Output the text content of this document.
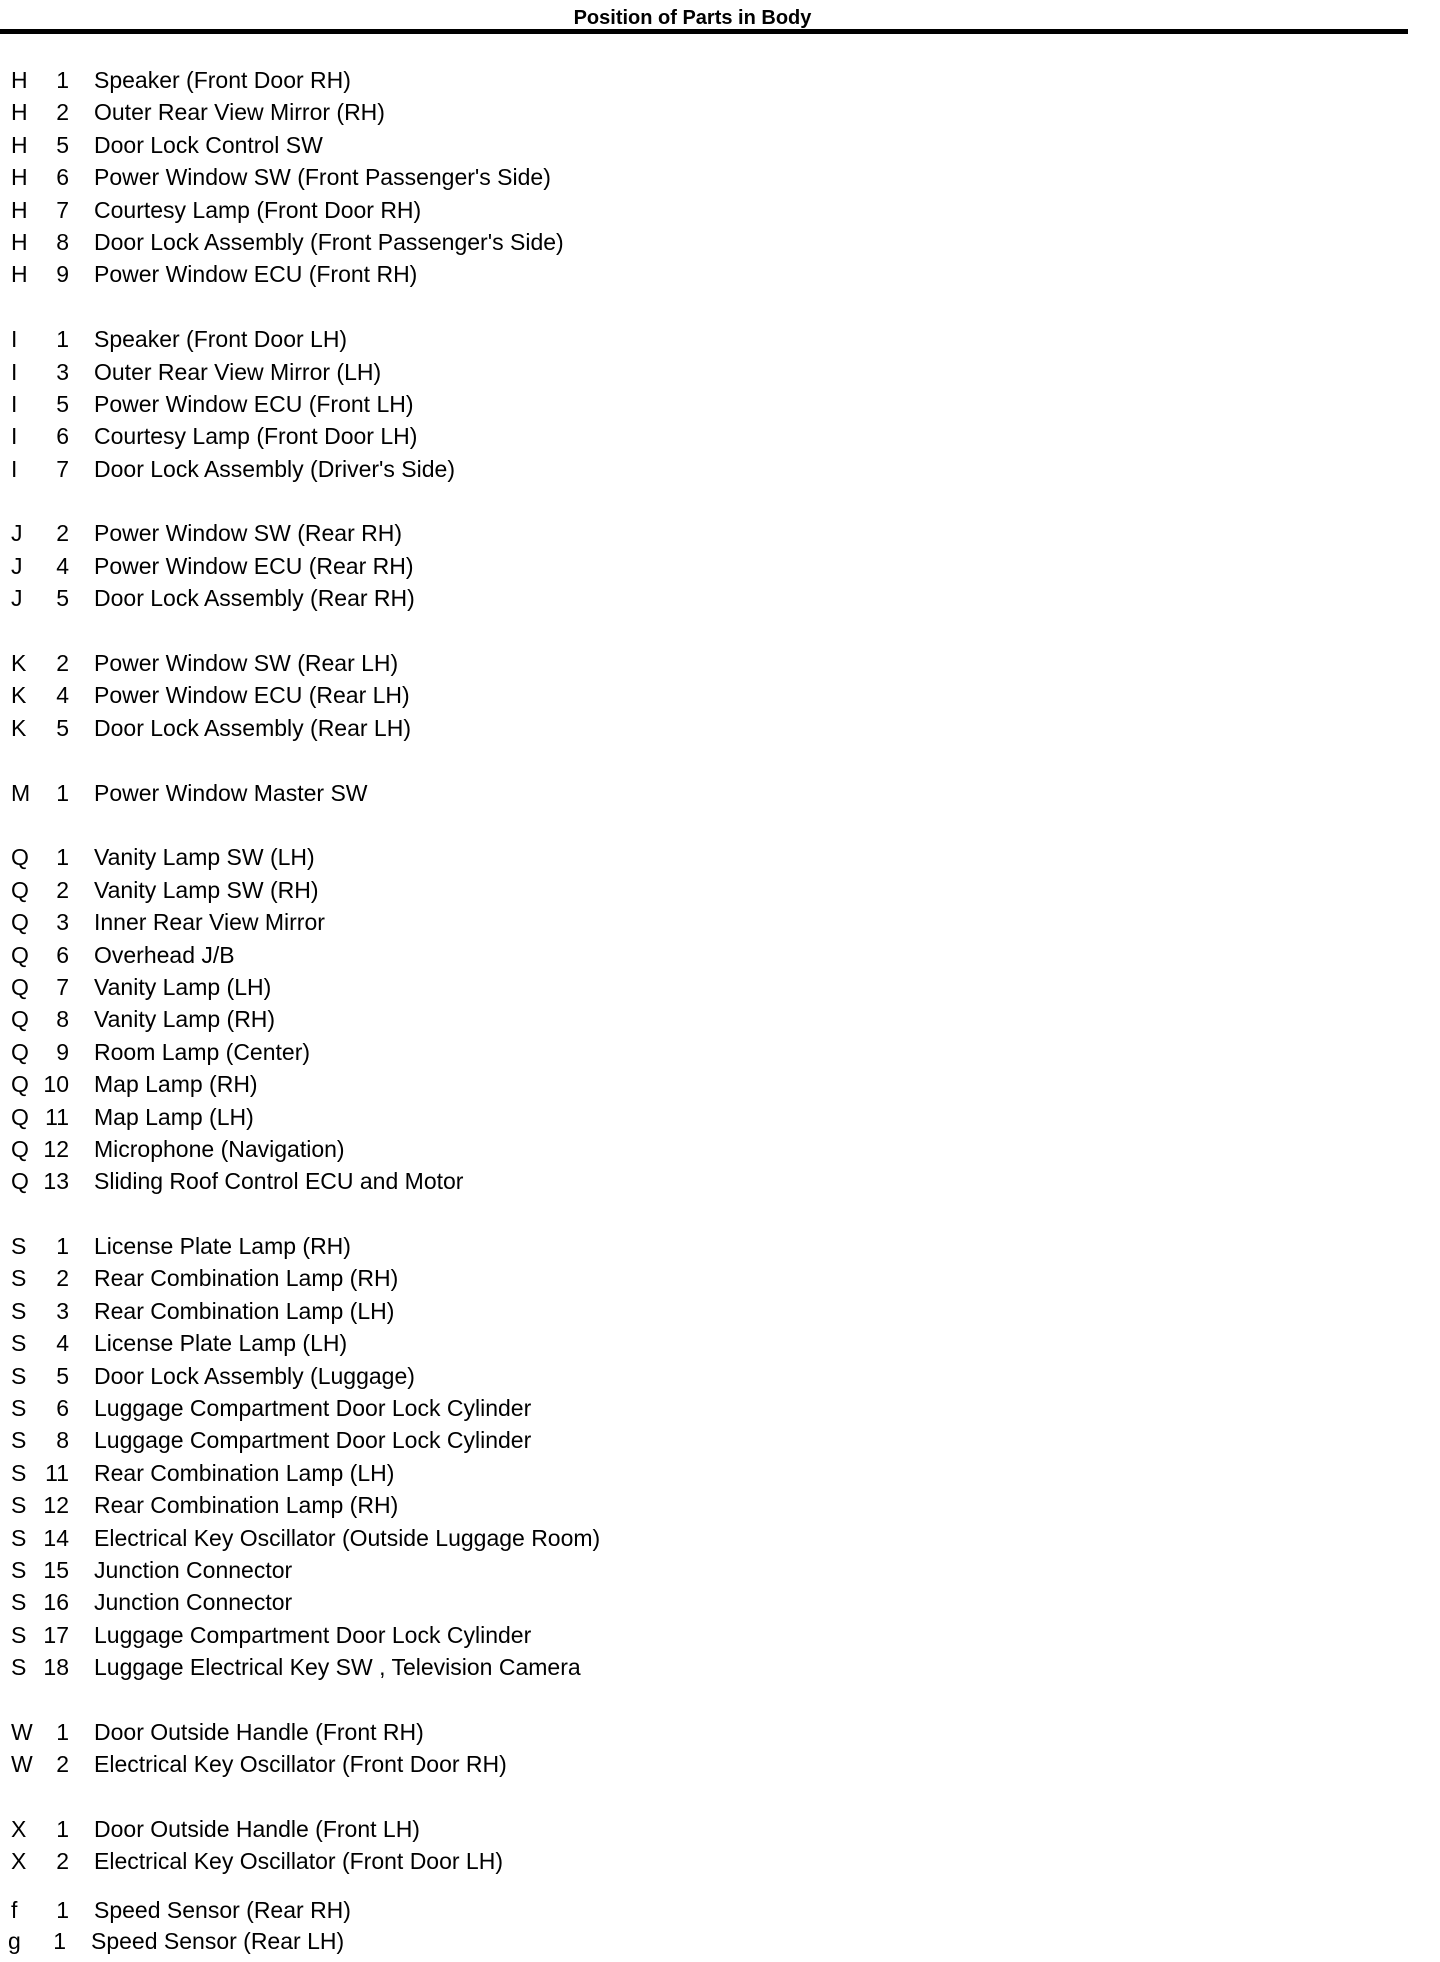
Position of Parts in Body
H 1 Speaker (Front Door RH)
H 2 Outer Rear View Mirror (RH)
H 5 Door Lock Control SW
H 6 Power Window SW (Front Passenger's Side)
H 7 Courtesy Lamp (Front Door RH)
H 8 Door Lock Assembly (Front Passenger's Side)
H 9 Power Window ECU (Front RH)
I 1 Speaker (Front Door LH)
I 3 Outer Rear View Mirror (LH)
I 5 Power Window ECU (Front LH)
I 6 Courtesy Lamp (Front Door LH)
I 7 Door Lock Assembly (Driver's Side)
J 2 Power Window SW (Rear RH)
J 4 Power Window ECU (Rear RH)
J 5 Door Lock Assembly (Rear RH)
K 2 Power Window SW (Rear LH)
K 4 Power Window ECU (Rear LH)
K 5 Door Lock Assembly (Rear LH)
M 1 Power Window Master SW
Q 1 Vanity Lamp SW (LH)
Q 2 Vanity Lamp SW (RH)
Q 3 Inner Rear View Mirror
Q 6 Overhead J/B
Q 7 Vanity Lamp (LH)
Q 8 Vanity Lamp (RH)
Q 9 Room Lamp (Center)
Q 10 Map Lamp (RH)
Q 11 Map Lamp (LH)
Q 12 Microphone (Navigation)
Q 13 Sliding Roof Control ECU and Motor
S 1 License Plate Lamp (RH)
S 2 Rear Combination Lamp (RH)
S 3 Rear Combination Lamp (LH)
S 4 License Plate Lamp (LH)
S 5 Door Lock Assembly (Luggage)
S 6 Luggage Compartment Door Lock Cylinder
S 8 Luggage Compartment Door Lock Cylinder
S 11 Rear Combination Lamp (LH)
S 12 Rear Combination Lamp (RH)
S 14 Electrical Key Oscillator (Outside Luggage Room)
S 15 Junction Connector
S 16 Junction Connector
S 17 Luggage Compartment Door Lock Cylinder
S 18 Luggage Electrical Key SW , Television Camera
W 1 Door Outside Handle (Front RH)
W 2 Electrical Key Oscillator (Front Door RH)
X 1 Door Outside Handle (Front LH)
X 2 Electrical Key Oscillator (Front Door LH)
f 1 Speed Sensor (Rear RH)
g 1 Speed Sensor (Rear LH)
